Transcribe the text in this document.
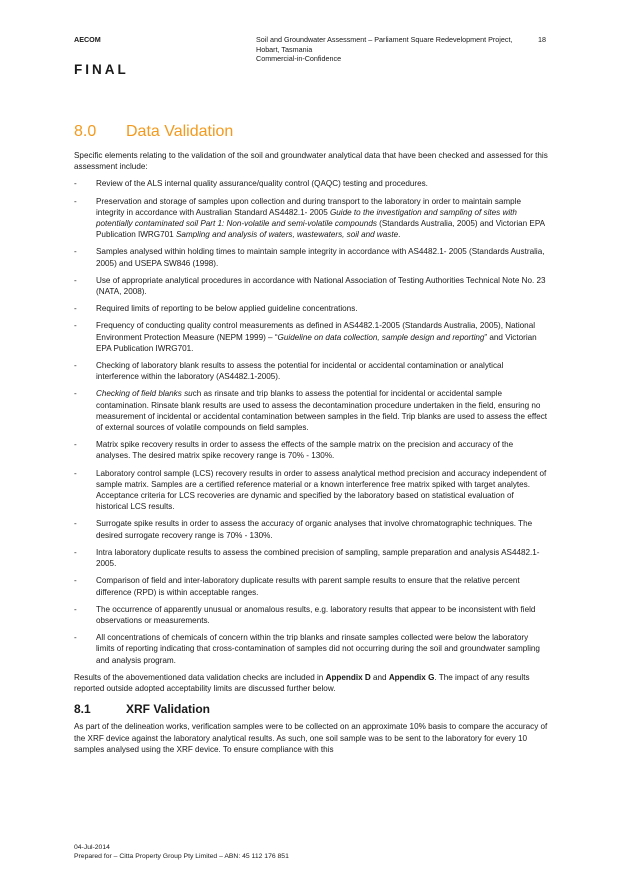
AECOM	Soil and Groundwater Assessment – Parliament Square Redevelopment Project, Hobart, Tasmania
Commercial-in-Confidence
18
FINAL
8.0 Data Validation

Specific elements relating to the validation of the soil and groundwater analytical data that have been checked and assessed for this assessment include:

- Review of the ALS internal quality assurance/quality control (QAQC) testing and procedures.
- Preservation and storage of samples upon collection and during transport to the laboratory in order to maintain sample integrity in accordance with Australian Standard AS4482.1- 2005 Guide to the investigation and sampling of sites with potentially contaminated soil Part 1: Non-volatile and semi-volatile compounds (Standards Australia, 2005) and Victorian EPA Publication IWRG701 Sampling and analysis of waters, wastewaters, soil and waste.
- Samples analysed within holding times to maintain sample integrity in accordance with AS4482.1- 2005 (Standards Australia, 2005) and USEPA SW846 (1998).
- Use of appropriate analytical procedures in accordance with National Association of Testing Authorities Technical Note No. 23 (NATA, 2008).
- Required limits of reporting to be below applied guideline concentrations.
- Frequency of conducting quality control measurements as defined in AS4482.1-2005 (Standards Australia, 2005), National Environment Protection Measure (NEPM 1999) – “Guideline on data collection, sample design and reporting” and Victorian EPA Publication IWRG701.
- Checking of laboratory blank results to assess the potential for incidental or accidental contamination or analytical interference within the laboratory (AS4482.1-2005).
- Checking of field blanks such as rinsate and trip blanks to assess the potential for incidental or accidental sample contamination. Rinsate blank results are used to assess the decontamination procedure undertaken in the field, ensuring no measurement of incidental or accidental contamination between samples in the field. Trip blanks are used to assess the effect of external sources of volatile compounds on field samples.
- Matrix spike recovery results in order to assess the effects of the sample matrix on the precision and accuracy of the analyses. The desired matrix spike recovery range is 70% - 130%.
- Laboratory control sample (LCS) recovery results in order to assess analytical method precision and accuracy independent of sample matrix. Samples are a certified reference material or a known interference free matrix spiked with target analytes. Acceptance criteria for LCS recoveries are dynamic and specified by the laboratory based on statistical evaluation of historical LCS results.
- Surrogate spike results in order to assess the accuracy of organic analyses that involve chromatographic techniques. The desired surrogate recovery range is 70% - 130%.
- Intra laboratory duplicate results to assess the combined precision of sampling, sample preparation and analysis AS4482.1-2005.
- Comparison of field and inter-laboratory duplicate results with parent sample results to ensure that the relative percent difference (RPD) is within acceptable ranges.
- The occurrence of apparently unusual or anomalous results, e.g. laboratory results that appear to be inconsistent with field observations or measurements.
- All concentrations of chemicals of concern within the trip blanks and rinsate samples collected were below the laboratory limits of reporting indicating that cross-contamination of samples did not occurring during the soil and groundwater sampling and analysis program.

Results of the abovementioned data validation checks are included in Appendix D and Appendix G. The impact of any results reported outside adopted acceptability limits are discussed further below.

8.1	XRF Validation

As part of the delineation works, verification samples were to be collected on an approximate 10% basis to compare the accuracy of the XRF device against the laboratory analytical results. As such, one soil sample was to be sent to the laboratory for every 10 samples analysed using the XRF device. To ensure compliance with this

04-Jul-2014
Prepared for – Citta Property Group Pty Limited – ABN: 45 112 176 851
